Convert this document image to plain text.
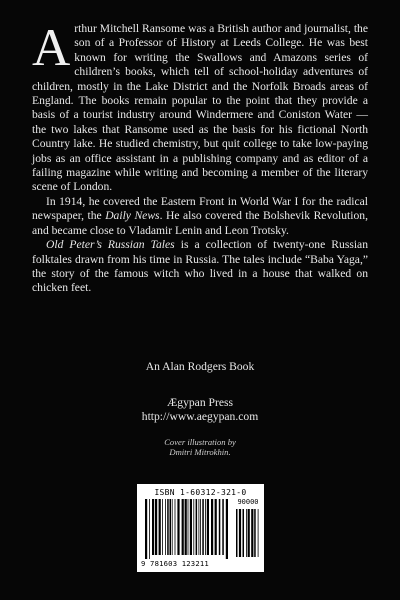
Arthur Mitchell Ransome was a British author and journalist, the son of a Professor of History at Leeds College. He was best known for writing the Swallows and Amazons series of children’s books, which tell of school-holiday adventures of children, mostly in the Lake District and the Norfolk Broads areas of England. The books remain popular to the point that they provide a basis of a tourist industry around Windermere and Coniston Water — the two lakes that Ransome used as the basis for his fictional North Country lake. He studied chemistry, but quit college to take low-paying jobs as an office assistant in a publishing company and as editor of a failing magazine while writing and becoming a member of the literary scene of London.

In 1914, he covered the Eastern Front in World War I for the radical newspaper, the Daily News. He also covered the Bolshevik Revolution, and became close to Vladamir Lenin and Leon Trotsky.

Old Peter’s Russian Tales is a collection of twenty-one Russian folktales drawn from his time in Russia. The tales include “Baba Yaga,” the story of the famous witch who lived in a house that walked on chicken feet.

An Alan Rodgers Book
Ægypan Press
http://www.aegypan.com
Cover illustration by
Dmitri Mitrokhin.
ISBN 1-60312-321-0
9 781603 123211
90000
